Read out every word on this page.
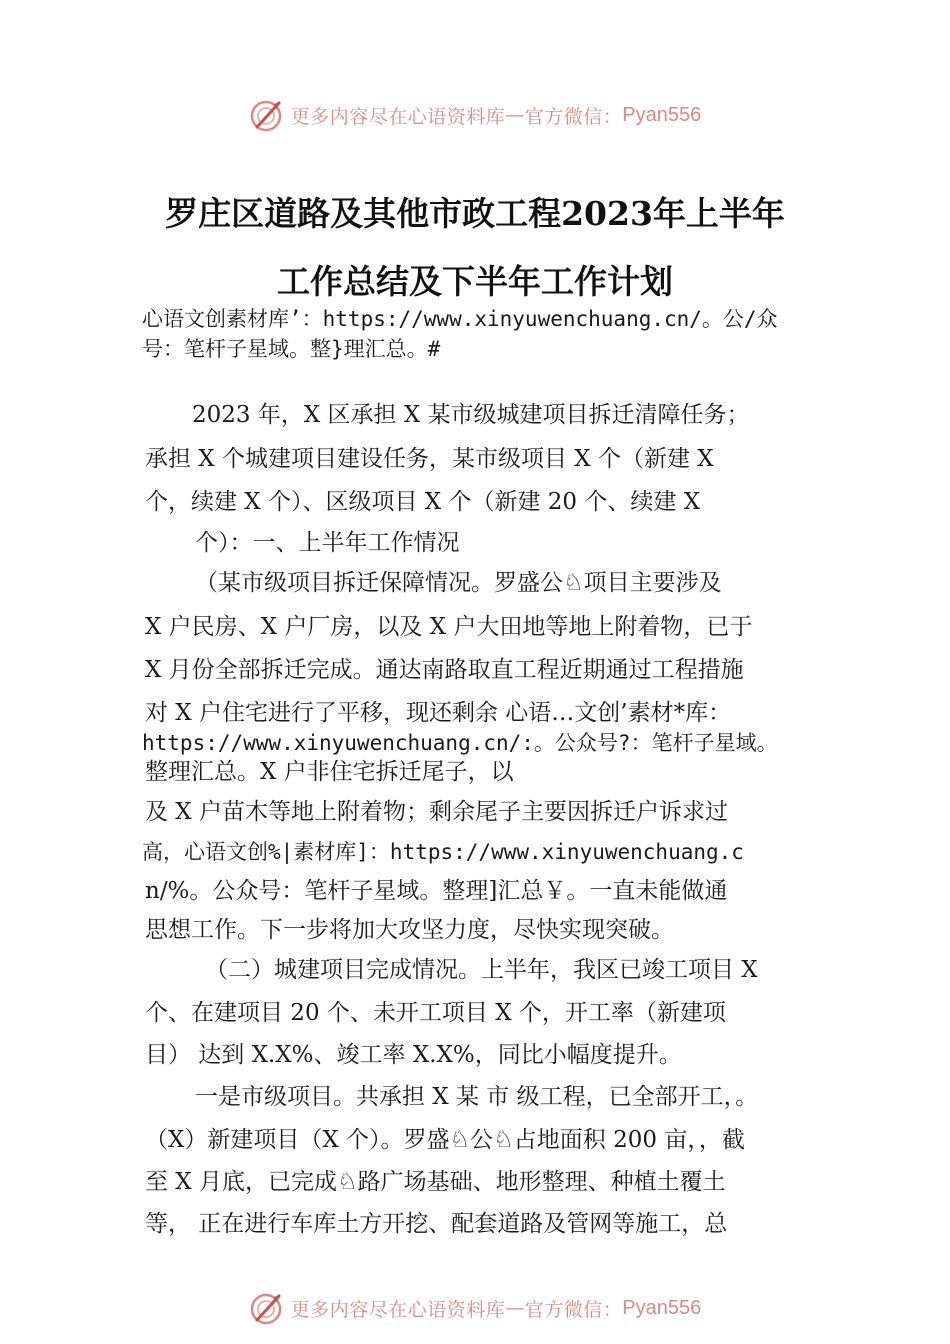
更多内容尽在心语资料库 — 官方微信： Pyan556
罗庄区道路及其他市政工程2023年上半年
工作总结及下半年工作计划
心语文创素材库’：https://www.xinyuwenchuang.cn/。公/众
号：笔杆子星域。整}理汇总。#
2023 年，X 区承担 X 某市级城建项目拆迁清障任务；
承担 X 个城建项目建设任务，某市级项目 X 个（新建 X
个，续建 X 个）、区级项目 X 个（新建 20 个、续建 X
个）：一、上半年工作情况
（某市级项目拆迁保障情况。罗盛公♘项目主要涉及
X 户民房、X 户厂房，以及 X 户大田地等地上附着物，已于
X 月份全部拆迁完成。通达南路取直工程近期通过工程措施
对 X 户住宅进行了平移，现还剩余 心语…文创’素材*库：
https://www.xinyuwenchuang.cn/:。公众号?：笔杆子星域。
整理汇总。X 户非住宅拆迁尾子，以
及 X 户苗木等地上附着物；剩余尾子主要因拆迁户诉求过
高，心语文创%|素材库]：https://www.xinyuwenchuang.c
n/%。公众号：笔杆子星域。整理]汇总￥。一直未能做通
思想工作。下一步将加大攻坚力度，尽快实现突破。
（二）城建项目完成情况。上半年，我区已竣工项目 X
个、在建项目 20 个、未开工项目 X 个，开工率（新建项
目） 达到 X.X%、竣工率 X.X%，同比小幅度提升。
一是市级项目。共承担 X 某 市 级工程，已全部开工，。
（X）新建项目（X 个）。罗盛♘公♘占地面积 200 亩，，截
至 X 月底，已完成♘路广场基础、地形整理、种植土覆土
等， 正在进行车库土方开挖、配套道路及管网等施工，总
更多内容尽在心语资料库 — 官方微信： Pyan556
